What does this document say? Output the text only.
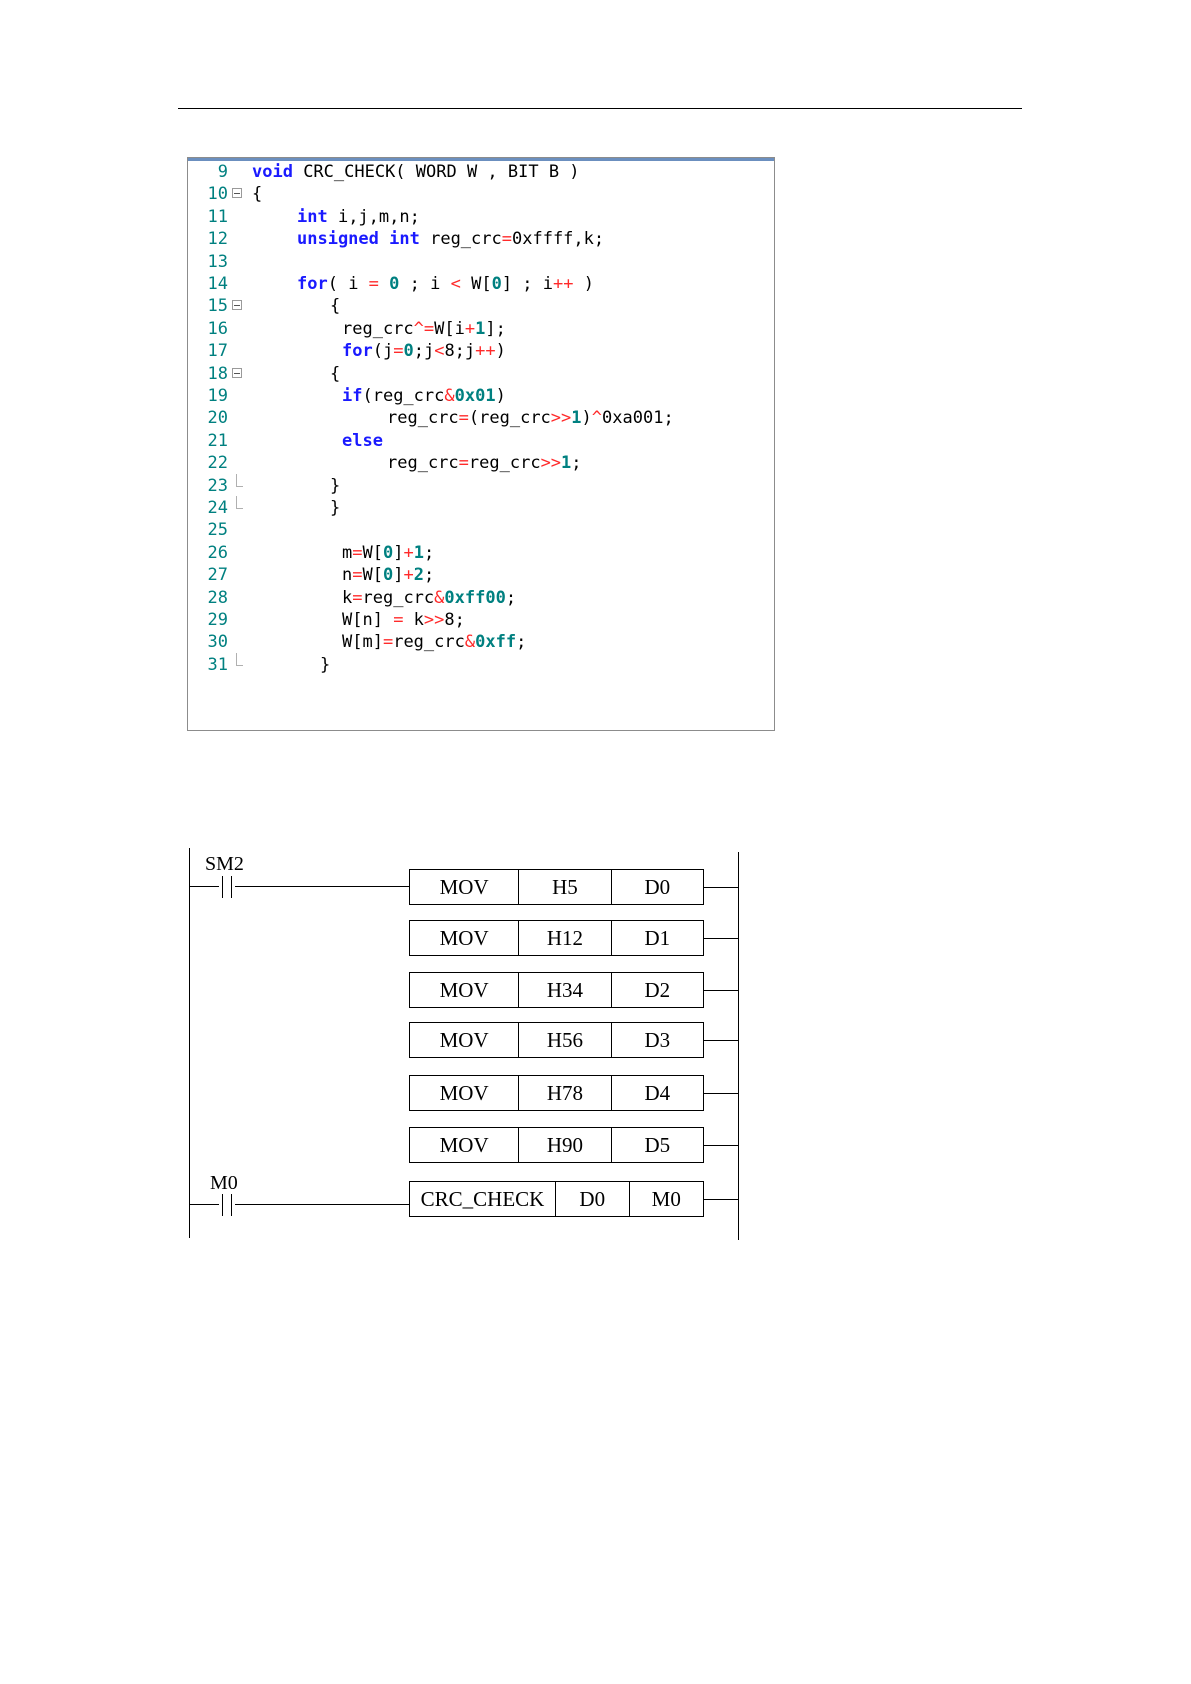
9 void CRC_CHECK( WORD W , BIT B )
10 {
11	int i,j,m,n;
12	unsigned int reg_crc=0xffff,k;
13
14	for( i = 0 ; i < W[0] ; i++ )
15	{
16	reg_crc^=W[i+1];
17	for(j=0;j<8;j++)
18	{
19	if(reg_crc&0x01)
20	reg_crc=(reg_crc>>1)^0xa001;
21	else
22	reg_crc=reg_crc>>1;
23	}
24	}
25
26	m=W[0]+1;
27	n=W[0]+2;
28	k=reg_crc&0xff00;
29	W[n] = k>>8;
30	W[m]=reg_crc&0xff;
31	}
SM2
M0
MOV	H5	D0
MOV	H12	D1
MOV	H34	D2
MOV	H56	D3
MOV	H78	D4
MOV	H90	D5
CRC_CHECK	D0	M0
